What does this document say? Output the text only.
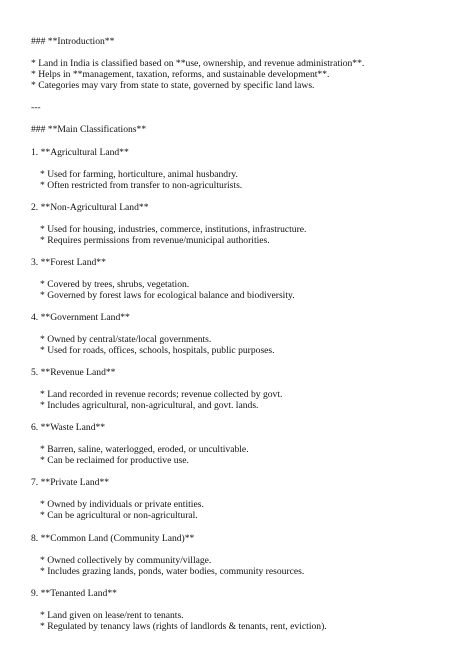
### **Introduction**
* Land in India is classified based on **use, ownership, and revenue administration**.
* Helps in **management, taxation, reforms, and sustainable development**.
* Categories may vary from state to state, governed by specific land laws.
---
### **Main Classifications**
1. **Agricultural Land**
* Used for farming, horticulture, animal husbandry.
* Often restricted from transfer to non-agriculturists.
2. **Non-Agricultural Land**
* Used for housing, industries, commerce, institutions, infrastructure.
* Requires permissions from revenue/municipal authorities.
3. **Forest Land**
* Covered by trees, shrubs, vegetation.
* Governed by forest laws for ecological balance and biodiversity.
4. **Government Land**
* Owned by central/state/local governments.
* Used for roads, offices, schools, hospitals, public purposes.
5. **Revenue Land**
* Land recorded in revenue records; revenue collected by govt.
* Includes agricultural, non-agricultural, and govt. lands.
6. **Waste Land**
* Barren, saline, waterlogged, eroded, or uncultivable.
* Can be reclaimed for productive use.
7. **Private Land**
* Owned by individuals or private entities.
* Can be agricultural or non-agricultural.
8. **Common Land (Community Land)**
* Owned collectively by community/village.
* Includes grazing lands, ponds, water bodies, community resources.
9. **Tenanted Land**
* Land given on lease/rent to tenants.
* Regulated by tenancy laws (rights of landlords & tenants, rent, eviction).
